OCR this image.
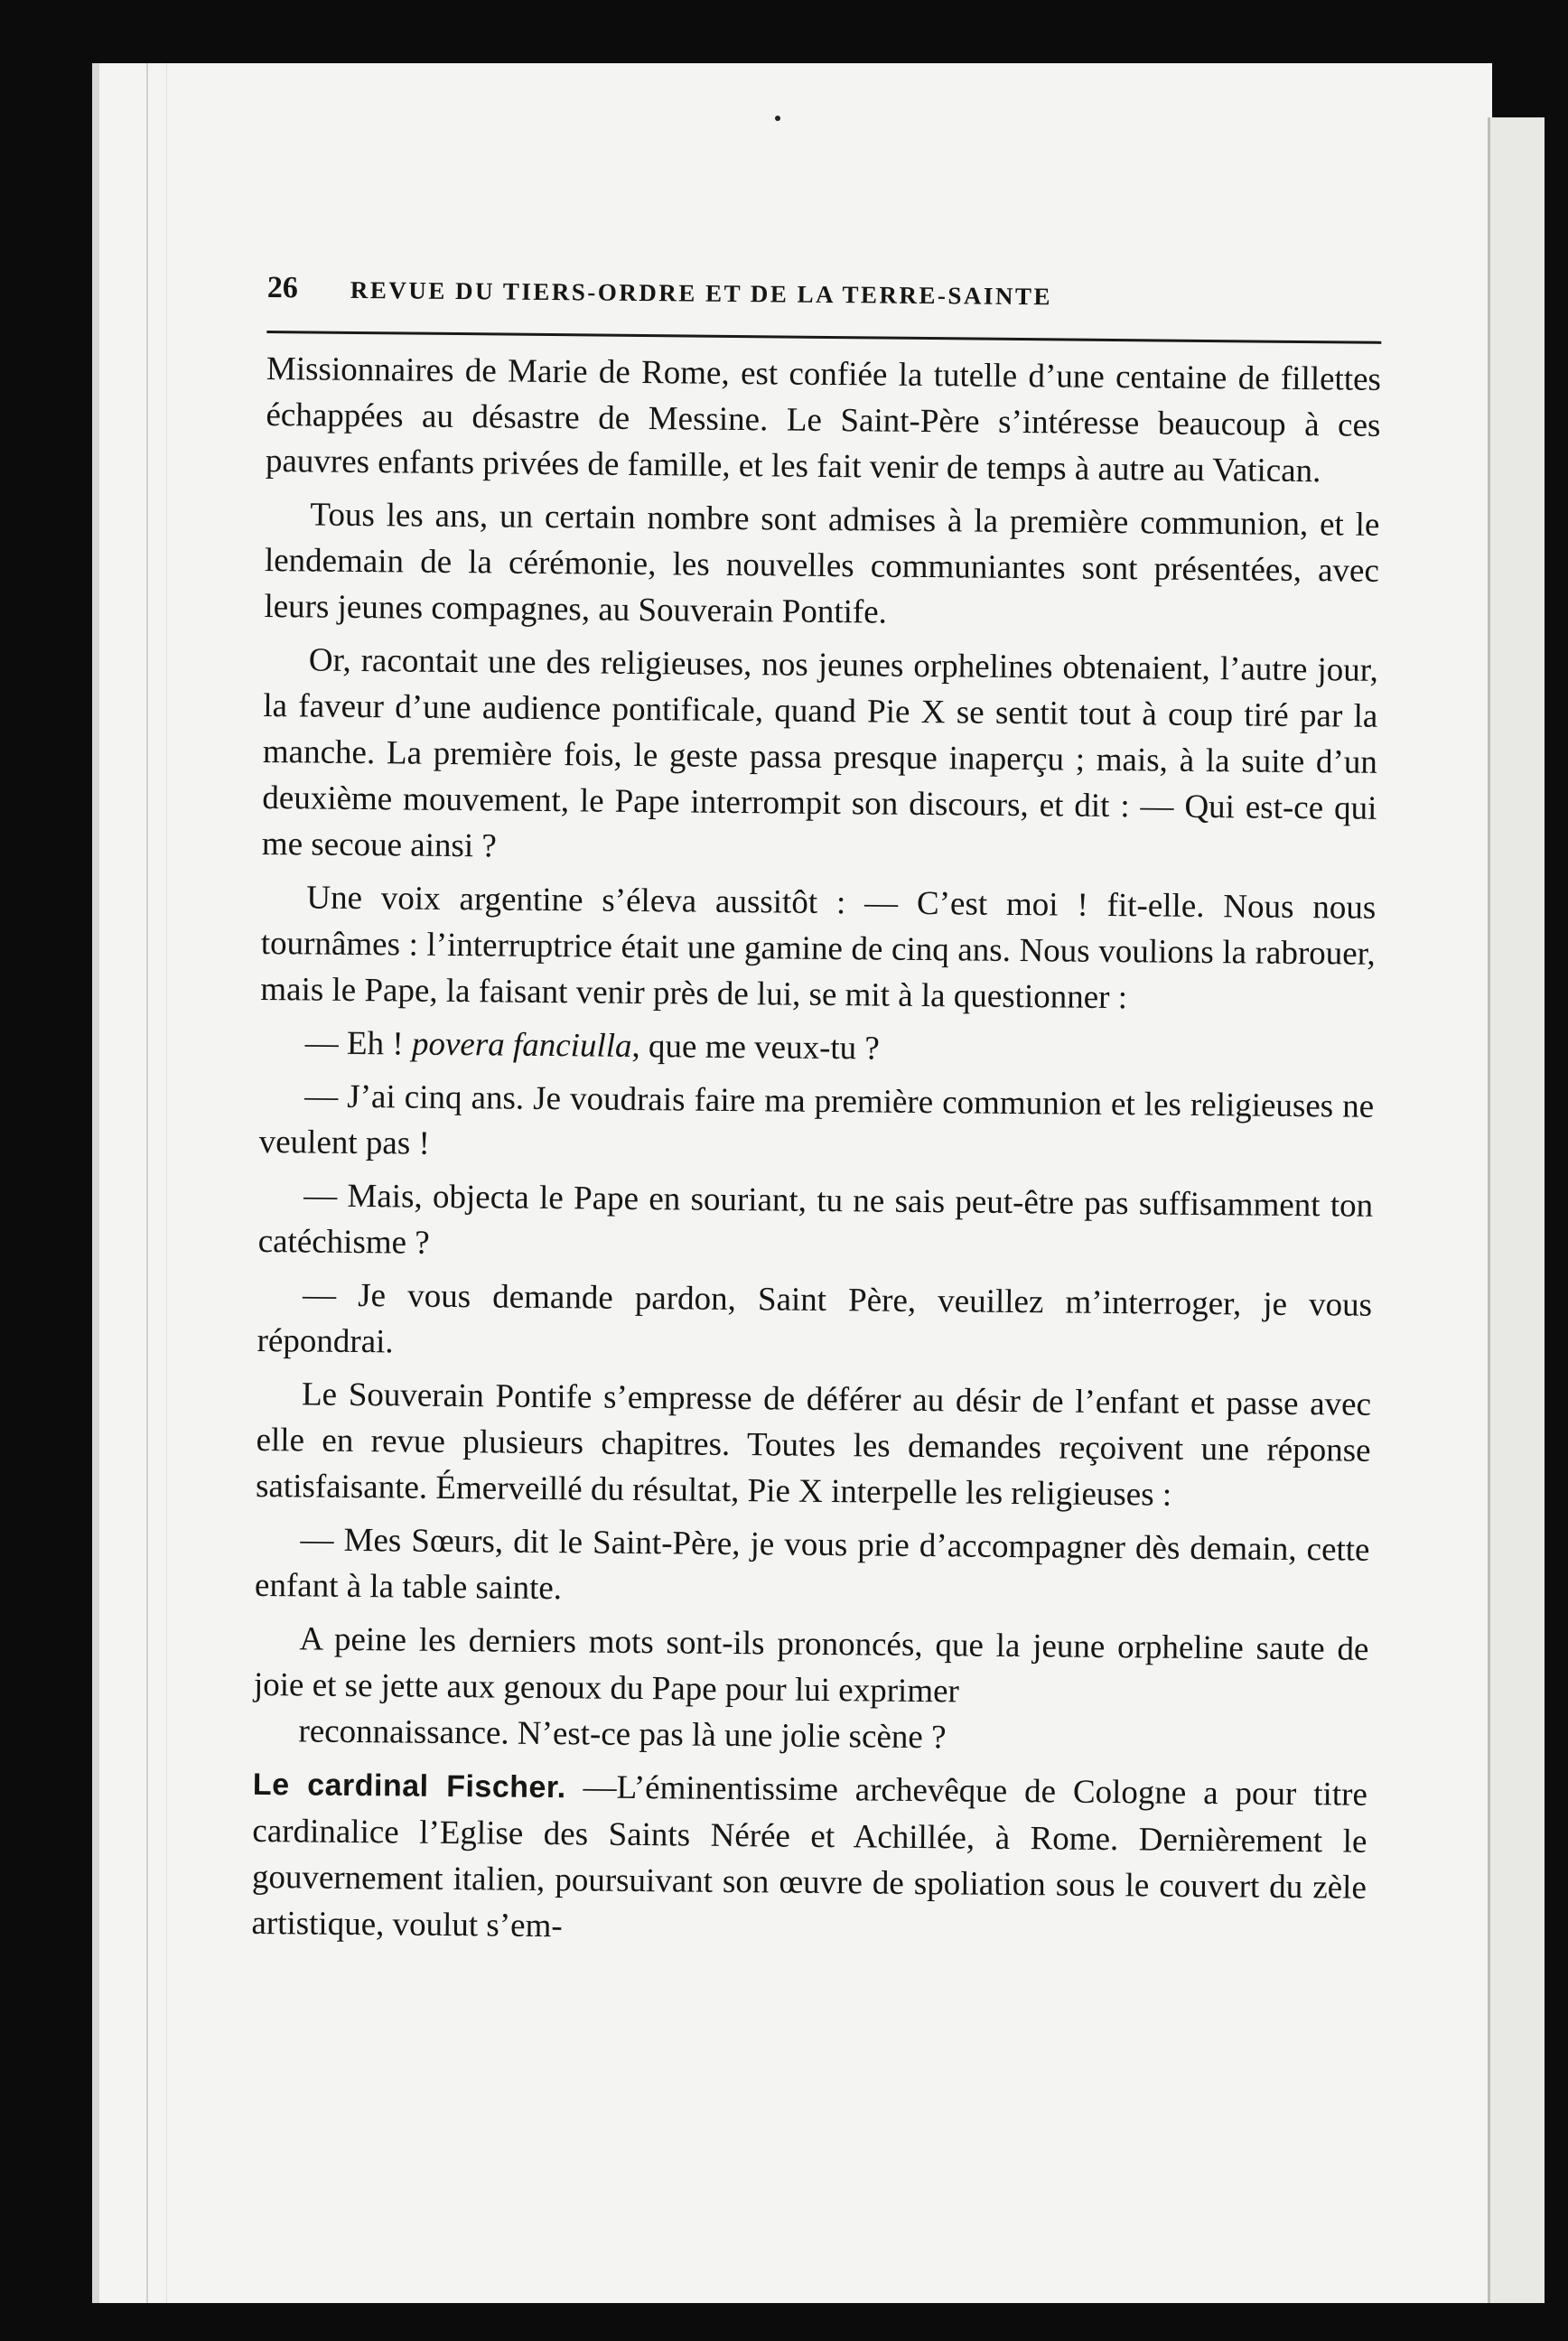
26	REVUE DU TIERS-ORDRE ET DE LA TERRE-SAINTE

Missionnaires de Marie de Rome, est confiée la tutelle d’une centaine de fillettes échappées au désastre de Messine. Le Saint-Père s’intéresse beaucoup à ces pauvres enfants privées de famille, et les fait venir de temps à autre au Vatican.

Tous les ans, un certain nombre sont admises à la première communion, et le lendemain de la cérémonie, les nouvelles communiantes sont présentées, avec leurs jeunes compagnes, au Souverain Pontife.

Or, racontait une des religieuses, nos jeunes orphelines obtenaient, l’autre jour, la faveur d’une audience pontificale, quand Pie X se sentit tout à coup tiré par la manche. La première fois, le geste passa presque inaperçu ; mais, à la suite d’un deuxième mouvement, le Pape interrompit son discours, et dit : — Qui est-ce qui me secoue ainsi ?

Une voix argentine s’éleva aussitôt : — C’est moi ! fit-elle. Nous nous tournâmes : l’interruptrice était une gamine de cinq ans. Nous voulions la rabrouer, mais le Pape, la faisant venir près de lui, se mit à la questionner :

— Eh ! povera fanciulla, que me veux-tu ?

— J’ai cinq ans. Je voudrais faire ma première communion et les religieuses ne veulent pas !

— Mais, objecta le Pape en souriant, tu ne sais peut-être pas suffisamment ton catéchisme ?

— Je vous demande pardon, Saint Père, veuillez m’interroger, je vous répondrai.

Le Souverain Pontife s’empresse de déférer au désir de l’enfant et passe avec elle en revue plusieurs chapitres. Toutes les demandes reçoivent une réponse satisfaisante. Émerveillé du résultat, Pie X interpelle les religieuses :

— Mes Sœurs, dit le Saint-Père, je vous prie d’accompagner dès demain, cette enfant à la table sainte.

A peine les derniers mots sont-ils prononcés, que la jeune orpheline saute de joie et se jette aux genoux du Pape pour lui exprimer

reconnaissance. N’est-ce pas là une jolie scène ?

Le cardinal Fischer. —L’éminentissime archevêque de Cologne a pour titre cardinalice l’Eglise des Saints Nérée et Achillée, à Rome. Dernièrement le gouvernement italien, poursuivant son œuvre de spoliation sous le couvert du zèle artistique, voulut s’em-
